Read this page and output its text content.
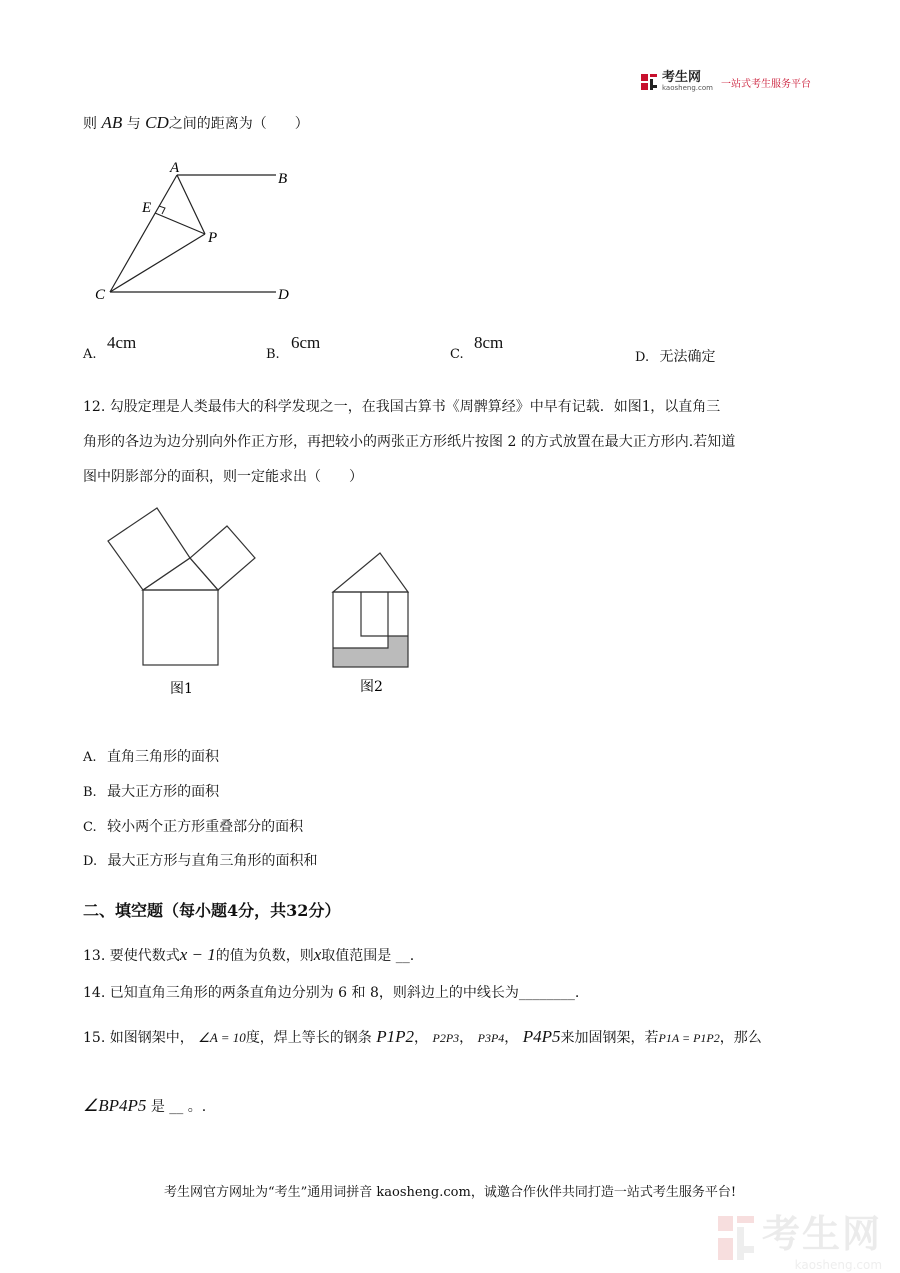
考生网
kaosheng.com 一站式考生服务平台
则 AB 与 CD之间的距离为（　　）
A
B
E
P
C	D
A.
4cm
B.
6cm
C.
8cm
D. 无法确定
12. 勾股定理是人类最伟大的科学发现之一，在我国古算书《周髀算经》中早有记载．如图1，以直角三
角形的各边为边分别向外作正方形，再把较小的两张正方形纸片按图 2 的方式放置在最大正方形内.若知道
图中阴影部分的面积，则一定能求出（　　）
图1	图2
A. 直角三角形的面积
B. 最大正方形的面积
C. 较小两个正方形重叠部分的面积
D. 最大正方形与直角三角形的面积和
二、填空题（每小题4分，共32分）
13. 要使代数式x − 1的值为负数，则x取值范围是 __.
14. 已知直角三角形的两条直角边分别为 6 和 8，则斜边上的中线长为________.
15. 如图钢架中， ∠A = 10度，焊上等长的钢条 P1P2， P2P3， P3P4， P4P5来加固钢架，若P1A = P1P2，那么
∠BP4P5 是 __ 。.
考生网官方网址为“考生”通用词拼音 kaosheng.com，诚邀合作伙伴共同打造一站式考生服务平台!
考生网
kaosheng.com
